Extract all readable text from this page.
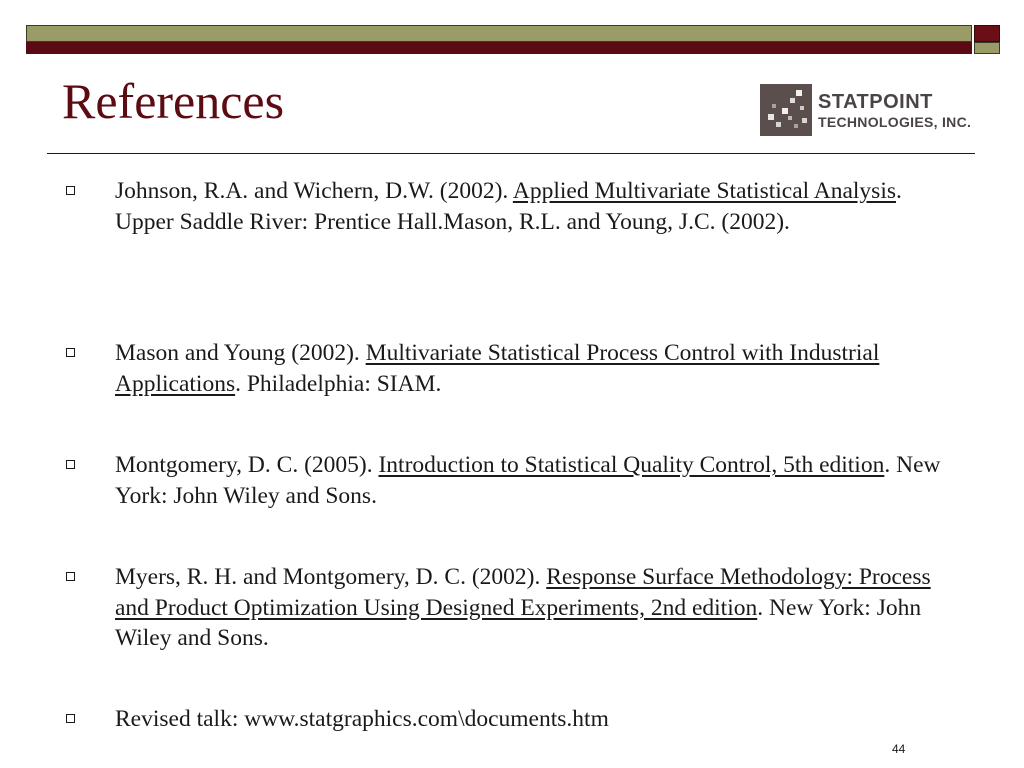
References	STATPOINT
TECHNOLOGIES, INC.
Johnson, R.A. and Wichern, D.W. (2002). Applied Multivariate Statistical Analysis. Upper Saddle River: Prentice Hall.Mason, R.L. and Young, J.C. (2002).
Mason and Young (2002). Multivariate Statistical Process Control with Industrial Applications. Philadelphia: SIAM.
Montgomery, D. C. (2005). Introduction to Statistical Quality Control, 5th edition. New York: John Wiley and Sons.
Myers, R. H. and Montgomery, D. C. (2002). Response Surface Methodology: Process and Product Optimization Using Designed Experiments, 2nd edition. New York: John Wiley and Sons.
Revised talk: www.statgraphics.com\documents.htm
44
